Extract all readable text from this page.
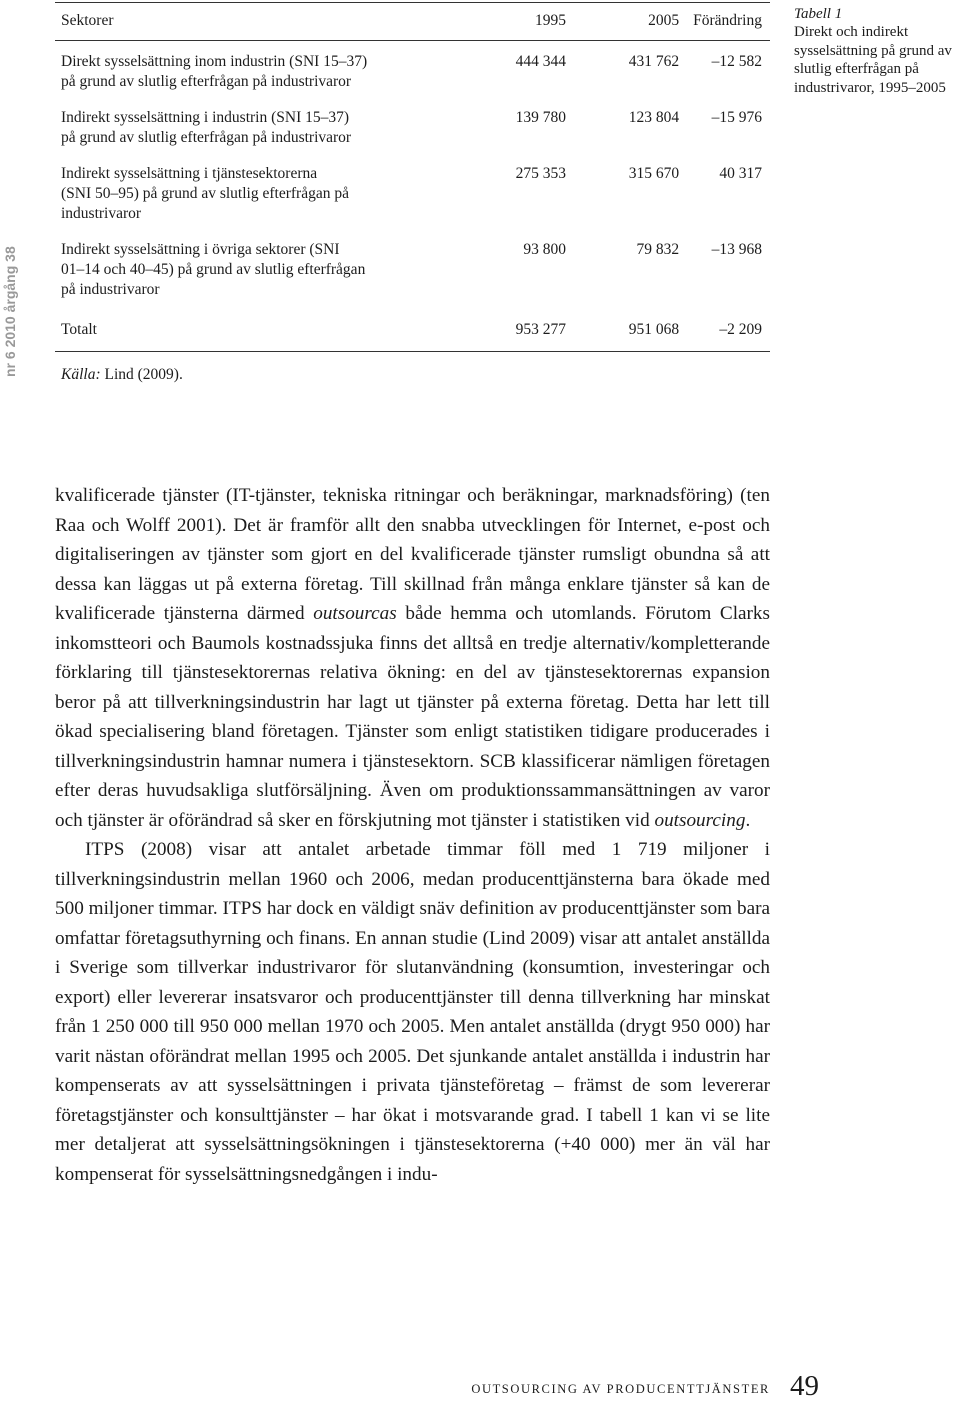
nr 6 2010 årgång 38
Sektorer	1995	2005	Förändring

Direkt sysselsättning inom industrin (SNI 15–37)
på grund av slutlig efterfrågan på industrivaror	444 344	431 762	–12 582

Indirekt sysselsättning i industrin (SNI 15–37)
på grund av slutlig efterfrågan på industrivaror	139 780	123 804	–15 976

Indirekt sysselsättning i tjänstesektorerna
(SNI 50–95) på grund av slutlig efterfrågan på
industrivaror	275 353	315 670	40 317

Indirekt sysselsättning i övriga sektorer (SNI
01–14 och 40–45) på grund av slutlig efterfrågan
på industrivaror	93 800	79 832	–13 968
Totalt	953 277	951 068	–2 209
Källa: Lind (2009).
Tabell 1
Direkt och indirekt sysselsättning på grund av slutlig efterfrågan på industrivaror, 1995–2005

kvalificerade tjänster (IT-tjänster, tekniska ritningar och beräkningar, marknadsföring) (ten Raa och Wolff 2001). Det är framför allt den snabba utvecklingen för Internet, e-post och digitaliseringen av tjänster som gjort en del kvalificerade tjänster rumsligt obundna så att dessa kan läggas ut på externa företag. Till skillnad från många enklare tjänster så kan de kvalificerade tjänsterna därmed outsourcas både hemma och utomlands. Förutom Clarks inkomstteori och Baumols kostnadssjuka finns det alltså en tredje alternativ/kompletterande förklaring till tjänstesektorernas relativa ökning: en del av tjänstesektorernas expansion beror på att tillverkningsindustrin har lagt ut tjänster på externa företag. Detta har lett till ökad specialisering bland företagen. Tjänster som enligt statistiken tidigare producerades i tillverkningsindustrin hamnar numera i tjänstesektorn. SCB klassificerar nämligen företagen efter deras huvudsakliga slutförsäljning. Även om produktionssammansättningen av varor och tjänster är oförändrad så sker en förskjutning mot tjänster i statistiken vid outsourcing.

ITPS (2008) visar att antalet arbetade timmar föll med 1 719 miljoner i tillverkningsindustrin mellan 1960 och 2006, medan producenttjänsterna bara ökade med 500 miljoner timmar. ITPS har dock en väldigt snäv definition av producenttjänster som bara omfattar företagsuthyrning och finans. En annan studie (Lind 2009) visar att antalet anställda i Sverige som tillverkar industrivaror för slutanvändning (konsumtion, investeringar och export) eller levererar insatsvaror och producenttjänster till denna tillverkning har minskat från 1 250 000 till 950 000 mellan 1970 och 2005. Men antalet anställda (drygt 950 000) har varit nästan oförändrat mellan 1995 och 2005. Det sjunkande antalet anställda i industrin har kompenserats av att sysselsättningen i privata tjänsteföretag – främst de som levererar företagstjänster och konsulttjänster – har ökat i motsvarande grad. I tabell 1 kan vi se lite mer detaljerat att sysselsättningsökningen i tjänstesektorerna (+40 000) mer än väl har kompenserat för sysselsättningsnedgången i indu-

OUTSOURCING AV PRODUCENTTJÄNSTER 49
